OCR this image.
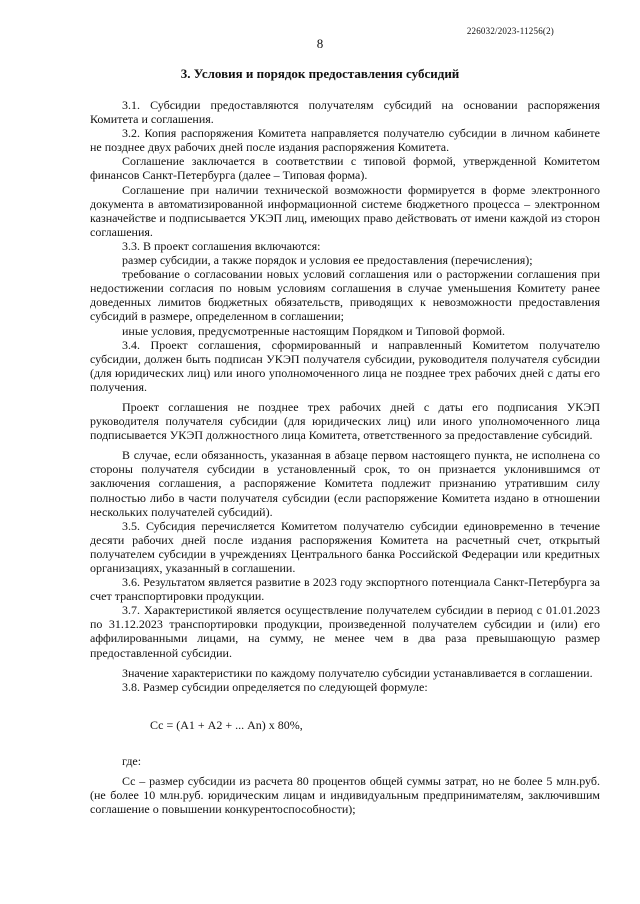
226032/2023-11256(2)
8
3. Условия и порядок предоставления субсидий

3.1. Субсидии предоставляются получателям субсидий на основании распоряжения Комитета и соглашения.

3.2. Копия распоряжения Комитета направляется получателю субсидии в личном кабинете не позднее двух рабочих дней после издания распоряжения Комитета.

Соглашение заключается в соответствии с типовой формой, утвержденной Комитетом финансов Санкт-Петербурга (далее – Типовая форма).

Соглашение при наличии технической возможности формируется в форме электронного документа в автоматизированной информационной системе бюджетного процесса – электронном казначействе и подписывается УКЭП лиц, имеющих право действовать от имени каждой из сторон соглашения.

3.3. В проект соглашения включаются:

размер субсидии, а также порядок и условия ее предоставления (перечисления);

требование о согласовании новых условий соглашения или о расторжении соглашения при недостижении согласия по новым условиям соглашения в случае уменьшения Комитету ранее доведенных лимитов бюджетных обязательств, приводящих к невозможности предоставления субсидий в размере, определенном в соглашении;

иные условия, предусмотренные настоящим Порядком и Типовой формой.

3.4. Проект соглашения, сформированный и направленный Комитетом получателю субсидии, должен быть подписан УКЭП получателя субсидии, руководителя получателя субсидии (для юридических лиц) или иного уполномоченного лица не позднее трех рабочих дней с даты его получения.

Проект соглашения не позднее трех рабочих дней с даты его подписания УКЭП руководителя получателя субсидии (для юридических лиц) или иного уполномоченного лица подписывается УКЭП должностного лица Комитета, ответственного за предоставление субсидий.

В случае, если обязанность, указанная в абзаце первом настоящего пункта, не исполнена со стороны получателя субсидии в установленный срок, то он признается уклонившимся от заключения соглашения, а распоряжение Комитета подлежит признанию утратившим силу полностью либо в части получателя субсидии (если распоряжение Комитета издано в отношении нескольких получателей субсидий).

3.5. Субсидия перечисляется Комитетом получателю субсидии единовременно в течение десяти рабочих дней после издания распоряжения Комитета на расчетный счет, открытый получателем субсидии в учреждениях Центрального банка Российской Федерации или кредитных организациях, указанный в соглашении.

3.6. Результатом является развитие в 2023 году экспортного потенциала Санкт-Петербурга за счет транспортировки продукции.

3.7. Характеристикой является осуществление получателем субсидии в период с 01.01.2023 по 31.12.2023 транспортировки продукции, произведенной получателем субсидии и (или) его аффилированными лицами, на сумму, не менее чем в два раза превышающую размер предоставленной субсидии.

Значение характеристики по каждому получателю субсидии устанавливается в соглашении.

3.8. Размер субсидии определяется по следующей формуле:

Сс = (А1 + А2 + ... Аn) х 80%,

где:

Сс – размер субсидии из расчета 80 процентов общей суммы затрат, но не более 5 млн.руб. (не более 10 млн.руб. юридическим лицам и индивидуальным предпринимателям, заключившим соглашение о повышении конкурентоспособности);
